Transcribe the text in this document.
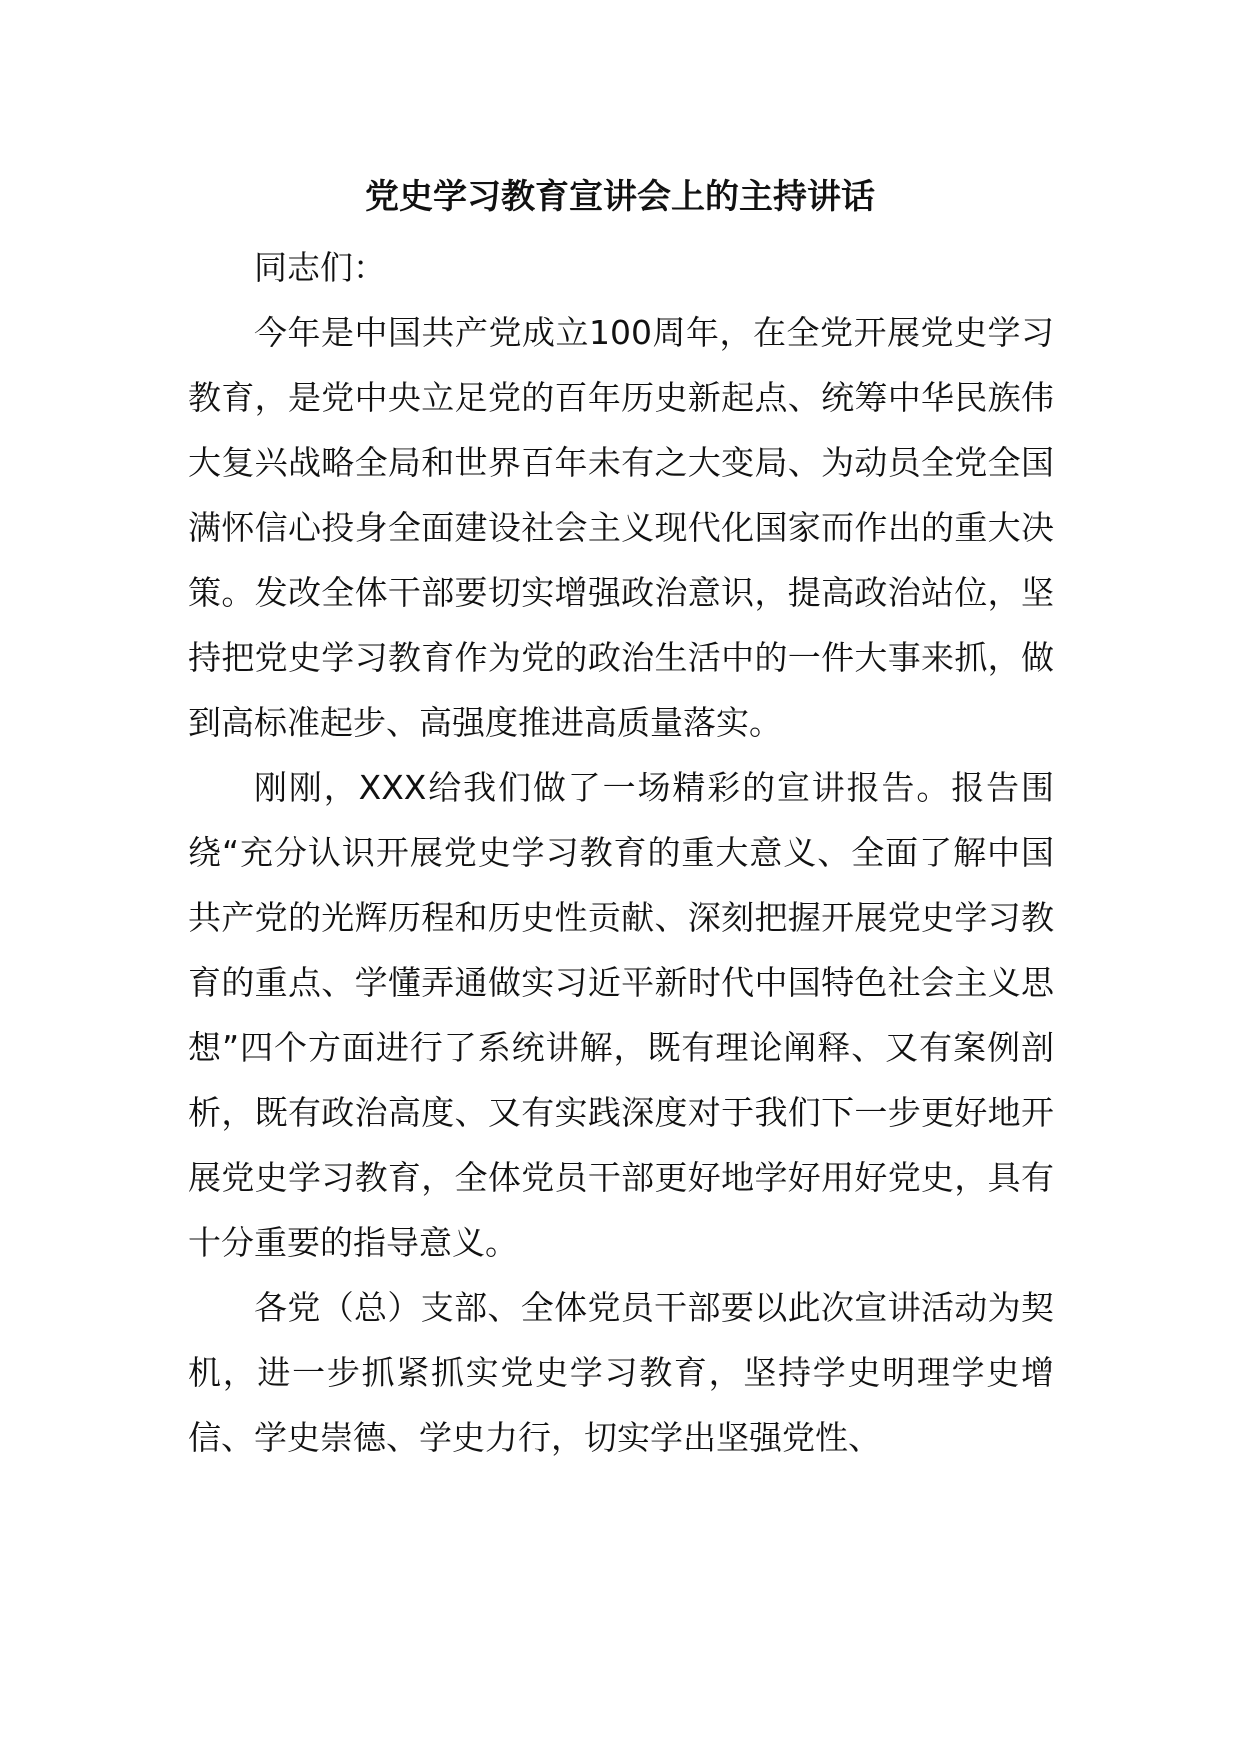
党史学习教育宣讲会上的主持讲话

同志们：

今年是中国共产党成立100周年，在全党开展党史学习教育，是党中央立足党的百年历史新起点、统筹中华民族伟大复兴战略全局和世界百年未有之大变局、为动员全党全国满怀信心投身全面建设社会主义现代化国家而作出的重大决策。发改全体干部要切实增强政治意识，提高政治站位，坚持把党史学习教育作为党的政治生活中的一件大事来抓，做到高标准起步、高强度推进高质量落实。

刚刚，XXX给我们做了一场精彩的宣讲报告。报告围绕“充分认识开展党史学习教育的重大意义、全面了解中国共产党的光辉历程和历史性贡献、深刻把握开展党史学习教育的重点、学懂弄通做实习近平新时代中国特色社会主义思想”四个方面进行了系统讲解，既有理论阐释、又有案例剖析，既有政治高度、又有实践深度对于我们下一步更好地开展党史学习教育，全体党员干部更好地学好用好党史，具有十分重要的指导意义。

各党（总）支部、全体党员干部要以此次宣讲活动为契机，进一步抓紧抓实党史学习教育，坚持学史明理学史增信、学史崇德、学史力行，切实学出坚强党性、
